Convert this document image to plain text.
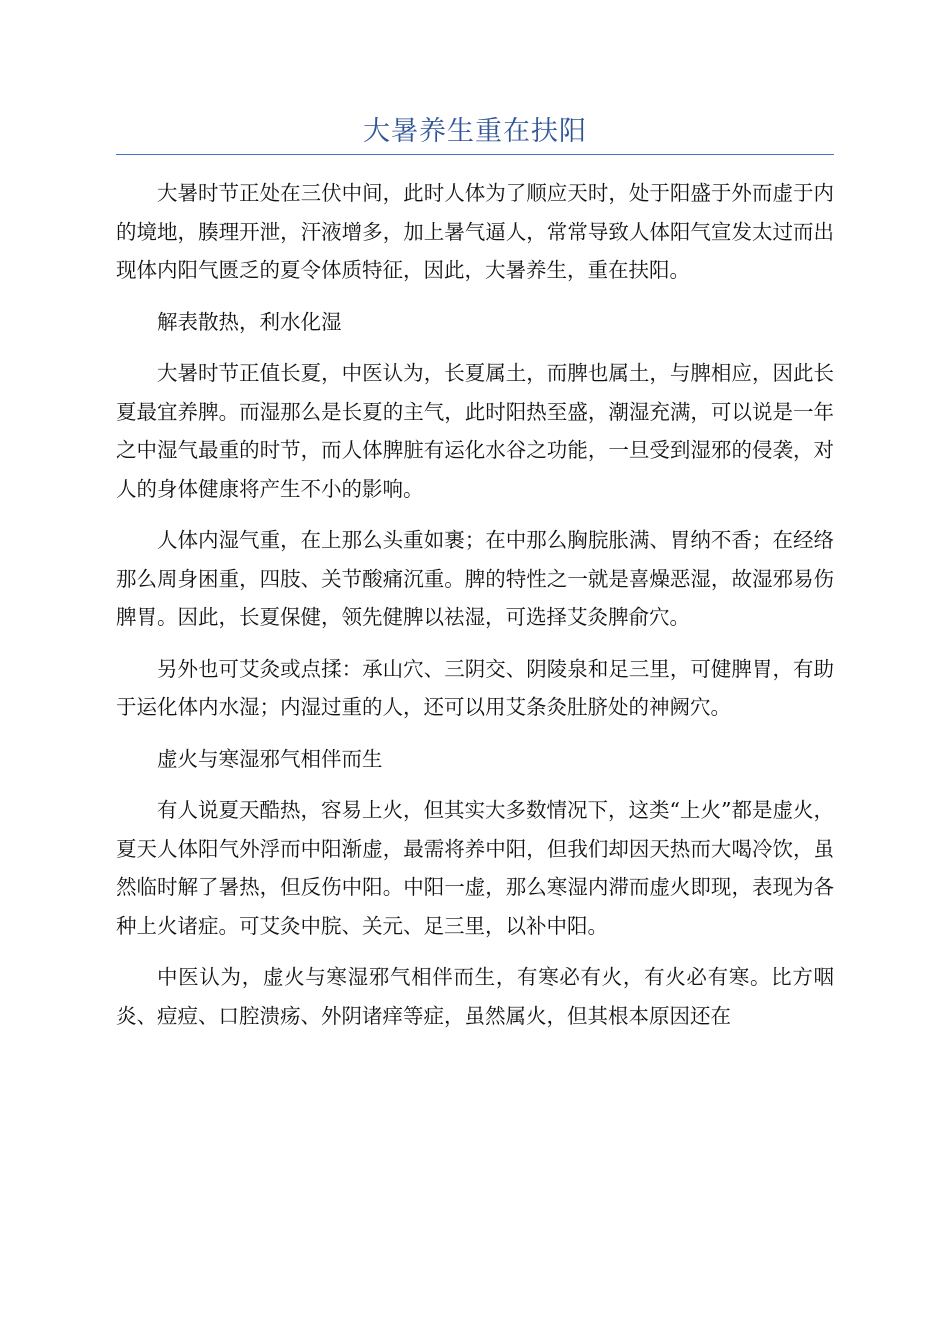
大暑养生重在扶阳

大暑时节正处在三伏中间，此时人体为了顺应天时，处于阳盛于外而虚于内的境地，腠理开泄，汗液增多，加上暑气逼人，常常导致人体阳气宣发太过而出现体内阳气匮乏的夏令体质特征，因此，大暑养生，重在扶阳。

解表散热，利水化湿

大暑时节正值长夏，中医认为，长夏属土，而脾也属土，与脾相应，因此长夏最宜养脾。而湿那么是长夏的主气，此时阳热至盛，潮湿充满，可以说是一年之中湿气最重的时节，而人体脾脏有运化水谷之功能，一旦受到湿邪的侵袭，对人的身体健康将产生不小的影响。

人体内湿气重，在上那么头重如裹；在中那么胸脘胀满、胃纳不香；在经络那么周身困重，四肢、关节酸痛沉重。脾的特性之一就是喜燥恶湿，故湿邪易伤脾胃。因此，长夏保健，领先健脾以祛湿，可选择艾灸脾俞穴。

另外也可艾灸或点揉：承山穴、三阴交、阴陵泉和足三里，可健脾胃，有助于运化体内水湿；内湿过重的人，还可以用艾条灸肚脐处的神阙穴。

虚火与寒湿邪气相伴而生

有人说夏天酷热，容易上火，但其实大多数情况下，这类“上火”都是虚火，夏天人体阳气外浮而中阳渐虚，最需将养中阳，但我们却因天热而大喝冷饮，虽然临时解了暑热，但反伤中阳。中阳一虚，那么寒湿内滞而虚火即现，表现为各种上火诸症。可艾灸中脘、关元、足三里，以补中阳。

中医认为，虚火与寒湿邪气相伴而生，有寒必有火，有火必有寒。比方咽炎、痘痘、口腔溃疡、外阴诸痒等症，虽然属火，但其根本原因还在
